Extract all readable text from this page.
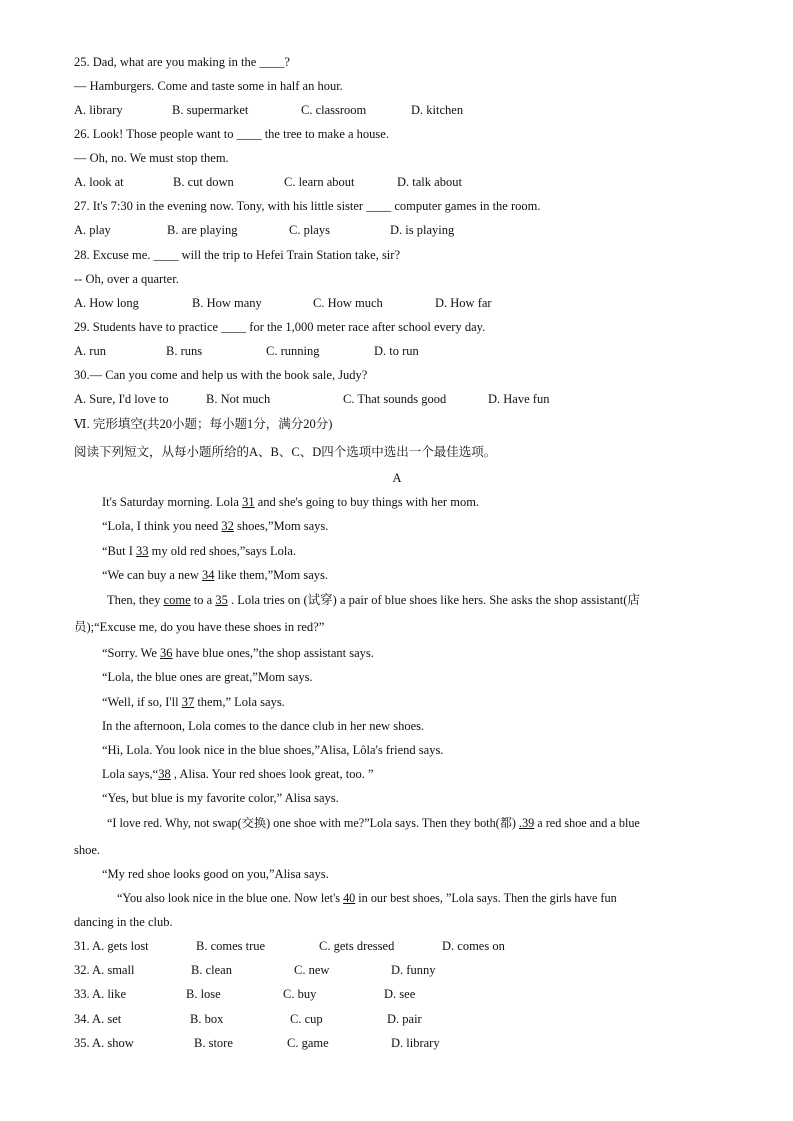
25. Dad, what are you making in the ____?
— Hamburgers. Come and taste some in half an hour.
A. library	B. supermarket	C. classroom	D. kitchen
26. Look! Those people want to ____ the tree to make a house.
— Oh, no. We must stop them.
A. look at	B. cut down	C. learn about	D. talk about
27. It's 7:30 in the evening now. Tony, with his little sister ____ computer games in the room.
A. play	B. are playing	C. plays	D. is playing
28. Excuse me. ____ will the trip to Hefei Train Station take, sir?
-- Oh, over a quarter.
A. How long	B. How many	C. How much	D. How far
29. Students have to practice ____ for the 1,000 meter race after school every day.
A. run	B. runs	C. running	D. to run
30.— Can you come and help us with the book sale, Judy?
A. Sure, I'd love to	B. Not much	C. That sounds good	D. Have fun
Ⅵ. 完形填空(共20小题；每小题1分，满分20分)
阅读下列短文，从每小题所给的A、B、C、D四个选项中选出一个最佳选项。
A
It's Saturday morning. Lola 31 and she's going to buy things with her mom.
“Lola, I think you need 32 shoes,”Mom says.
“But I 33 my old red shoes,”says Lola.
“We can buy a new 34 like them,”Mom says.
Then, they come to a 35 . Lola tries on (试穿) a pair of blue shoes like hers. She asks the shop assistant(店
员);“Excuse me, do you have these shoes in red?”
“Sorry. We 36 have blue ones,”the shop assistant says.
“Lola, the blue ones are great,”Mom says.
“Well, if so, I'll 37 them,” Lola says.
In the afternoon, Lola comes to the dance club in her new shoes.
“Hi, Lola. You look nice in the blue shoes,”Alisa, Lôla's friend says.
Lola says,“38 , Alisa. Your red shoes look great, too. ”
“Yes, but blue is my favorite color,” Alisa says.
“I love red. Why, not swap(交换) one shoe with me?”Lola says. Then they both(都) .39 a red shoe and a blue
shoe.
“My red shoe looks good on you,”Alisa says.
“You also look nice in the blue one. Now let's 40 in our best shoes, ”Lola says. Then the girls have fun
dancing in the club.
31. A. gets lost	B. comes true	C. gets dressed	D. comes on
32. A. small	B. clean	C. new	D. funny
33. A. like	B. lose	C. buy	D. see
34. A. set	B. box	C. cup	D. pair
35. A. show	B. store	C. game	D. library
